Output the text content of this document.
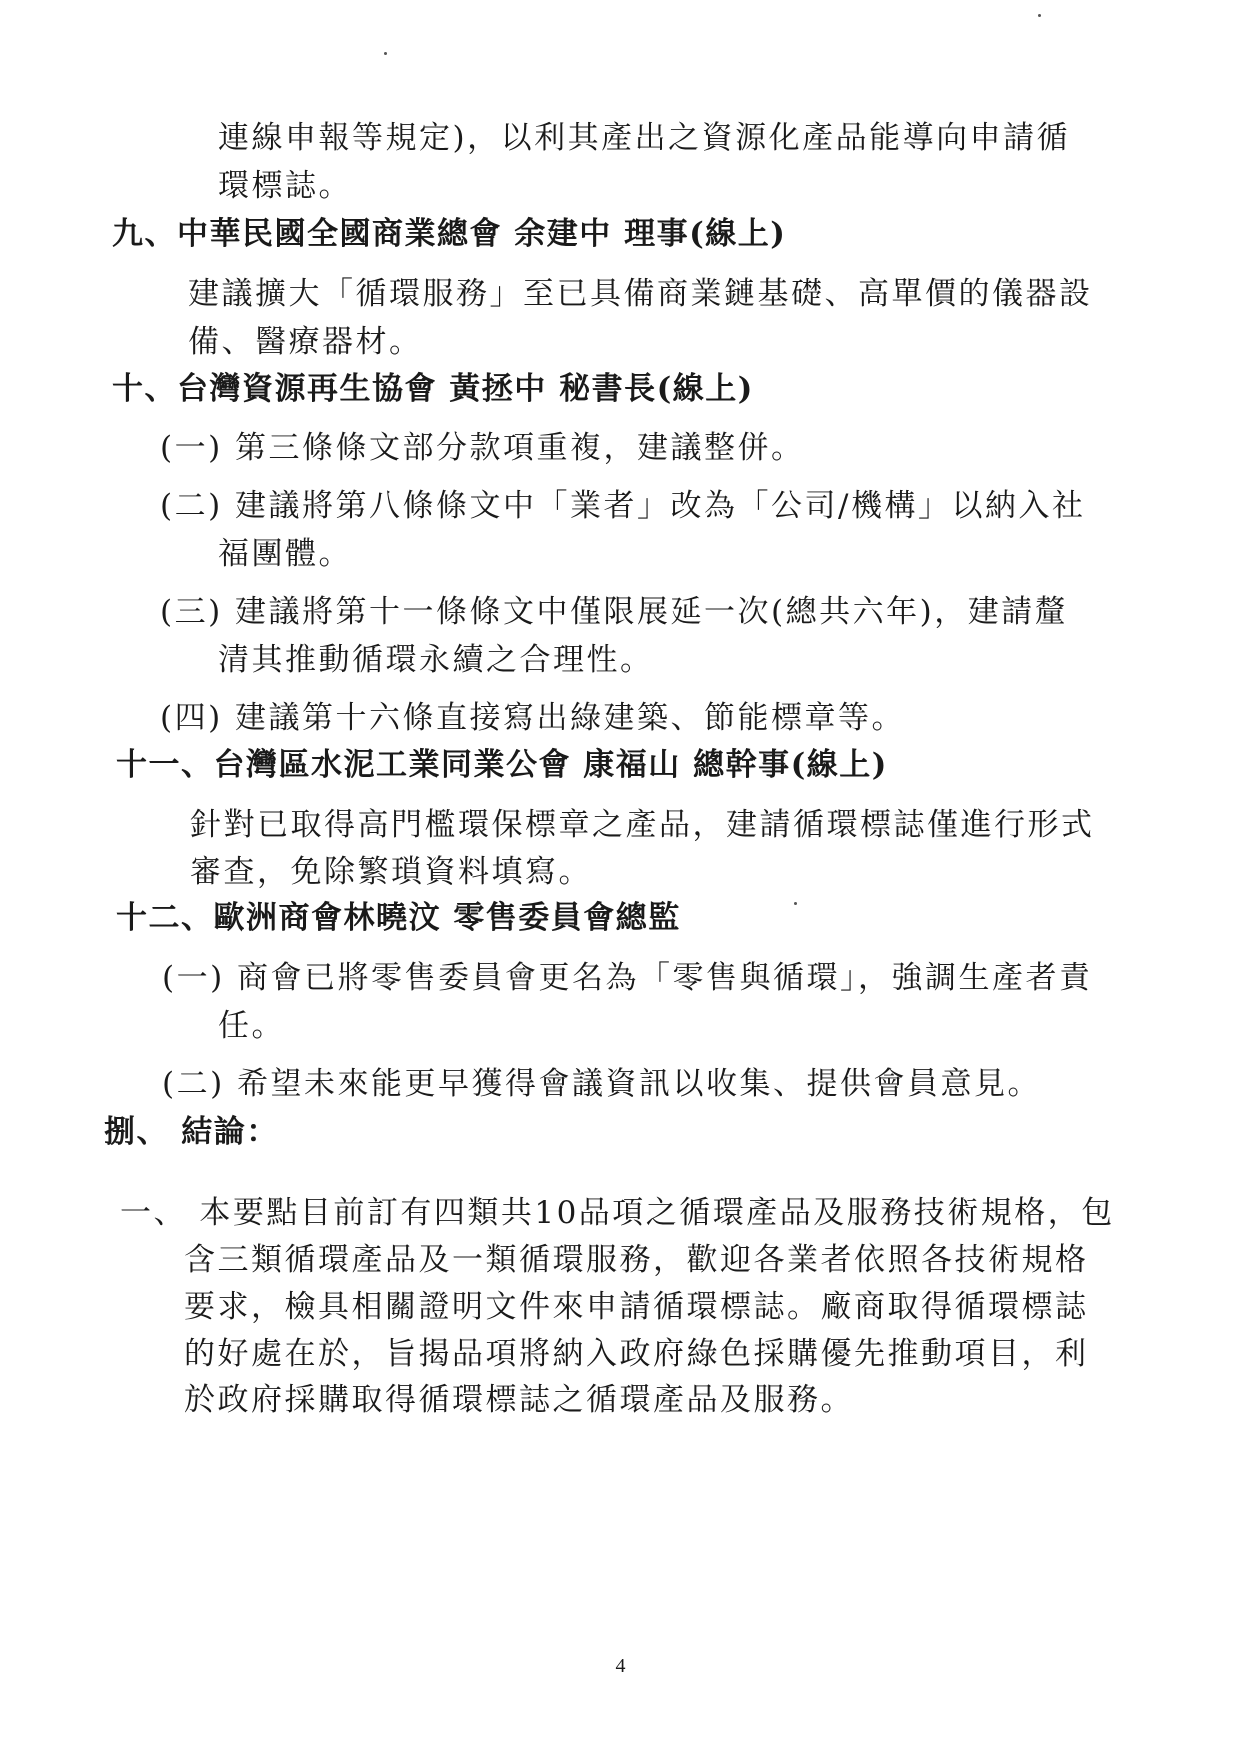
連線申報等規定)，以利其產出之資源化產品能導向申請循
環標誌。
九、中華民國全國商業總會 余建中 理事(線上)
建議擴大「循環服務」至已具備商業鏈基礎、高單價的儀器設
備、醫療器材。
十、台灣資源再生協會 黃拯中 秘書長(線上)
(一) 第三條條文部分款項重複，建議整併。
(二) 建議將第八條條文中「業者」改為「公司/機構」以納入社
福團體。
(三) 建議將第十一條條文中僅限展延一次(總共六年)，建請釐
清其推動循環永續之合理性。
(四) 建議第十六條直接寫出綠建築、節能標章等。
十一、台灣區水泥工業同業公會 康福山 總幹事(線上)
針對已取得高門檻環保標章之產品，建請循環標誌僅進行形式
審查，免除繁瑣資料填寫。
十二、歐洲商會林曉汶 零售委員會總監
(一) 商會已將零售委員會更名為「零售與循環」，強調生產者責
任。
(二) 希望未來能更早獲得會議資訊以收集、提供會員意見。
捌、 結論：
一、 本要點目前訂有四類共10品項之循環產品及服務技術規格，包
含三類循環產品及一類循環服務，歡迎各業者依照各技術規格
要求，檢具相關證明文件來申請循環標誌。廠商取得循環標誌
的好處在於，旨揭品項將納入政府綠色採購優先推動項目，利
於政府採購取得循環標誌之循環產品及服務。
4
